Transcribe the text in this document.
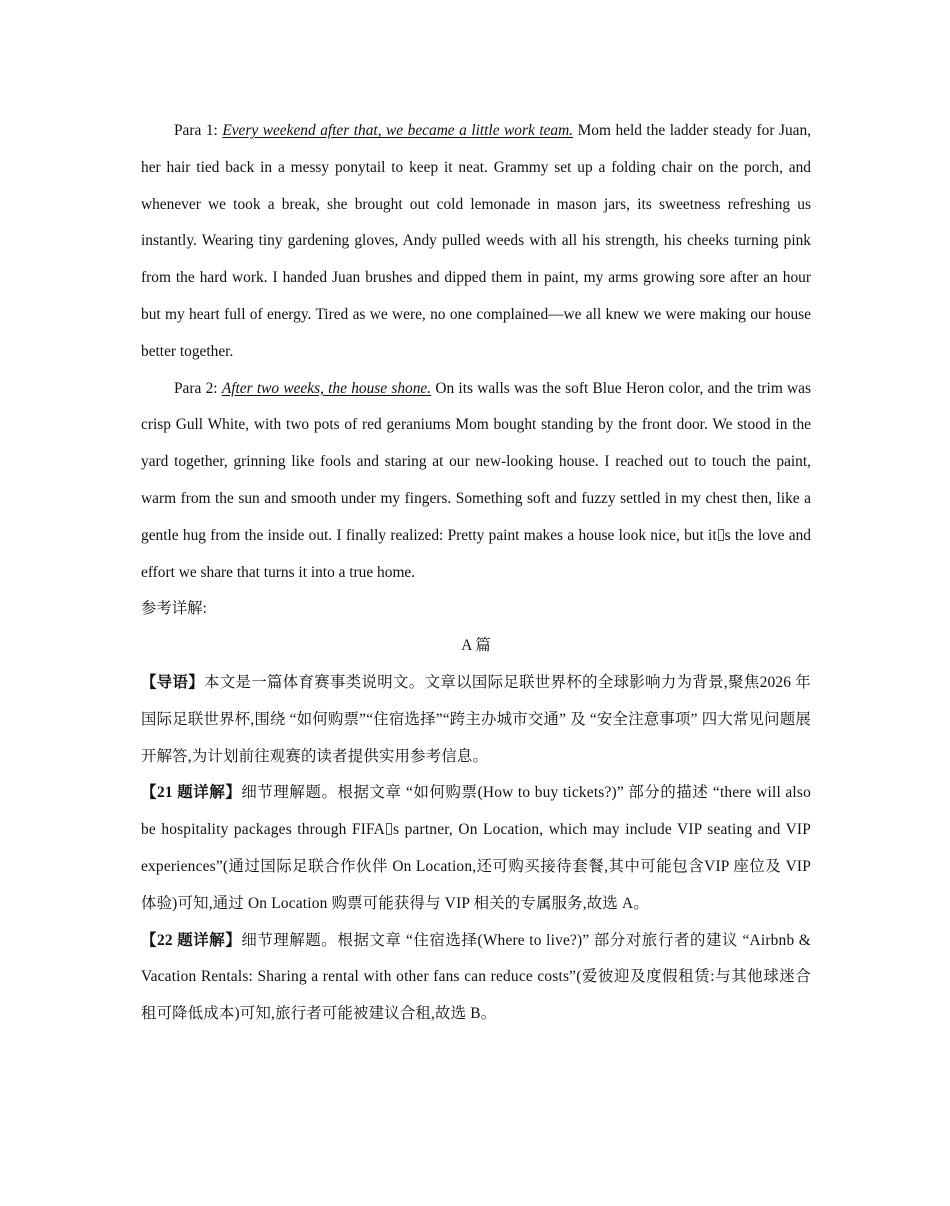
Para 1: Every weekend after that, we became a little work team. Mom held the ladder steady for Juan, her hair tied back in a messy ponytail to keep it neat. Grammy set up a folding chair on the porch, and whenever we took a break, she brought out cold lemonade in mason jars, its sweetness refreshing us instantly. Wearing tiny gardening gloves, Andy pulled weeds with all his strength, his cheeks turning pink from the hard work. I handed Juan brushes and dipped them in paint, my arms growing sore after an hour but my heart full of energy. Tired as we were, no one complained—we all knew we were making our house better together.

Para 2: After two weeks, the house shone. On its walls was the soft Blue Heron color, and the trim was crisp Gull White, with two pots of red geraniums Mom bought standing by the front door. We stood in the yard together, grinning like fools and staring at our new-looking house. I reached out to touch the paint, warm from the sun and smooth under my fingers. Something soft and fuzzy settled in my chest then, like a gentle hug from the inside out. I finally realized: Pretty paint makes a house look nice, but it s the love and effort we share that turns it into a true home.

参考详解:

A 篇

【导语】本文是一篇体育赛事类说明文。文章以国际足联世界杯的全球影响力为背景,聚焦2026 年国际足联世界杯,围绕 “如何购票”“住宿选择”“跨主办城市交通” 及 “安全注意事项” 四大常见问题展开解答,为计划前往观赛的读者提供实用参考信息。

【21 题详解】细节理解题。根据文章 “如何购票(How to buy tickets?)” 部分的描述 “there will also be hospitality packages through FIFA s partner, On Location, which may include VIP seating and VIP experiences”(通过国际足联合作伙伴 On Location,还可购买接待套餐,其中可能包含VIP 座位及 VIP 体验)可知,通过 On Location 购票可能获得与 VIP 相关的专属服务,故选 A。

【22 题详解】细节理解题。根据文章 “住宿选择(Where to live?)” 部分对旅行者的建议 “Airbnb & Vacation Rentals: Sharing a rental with other fans can reduce costs”(爱彼迎及度假租赁:与其他球迷合租可降低成本)可知,旅行者可能被建议合租,故选 B。
